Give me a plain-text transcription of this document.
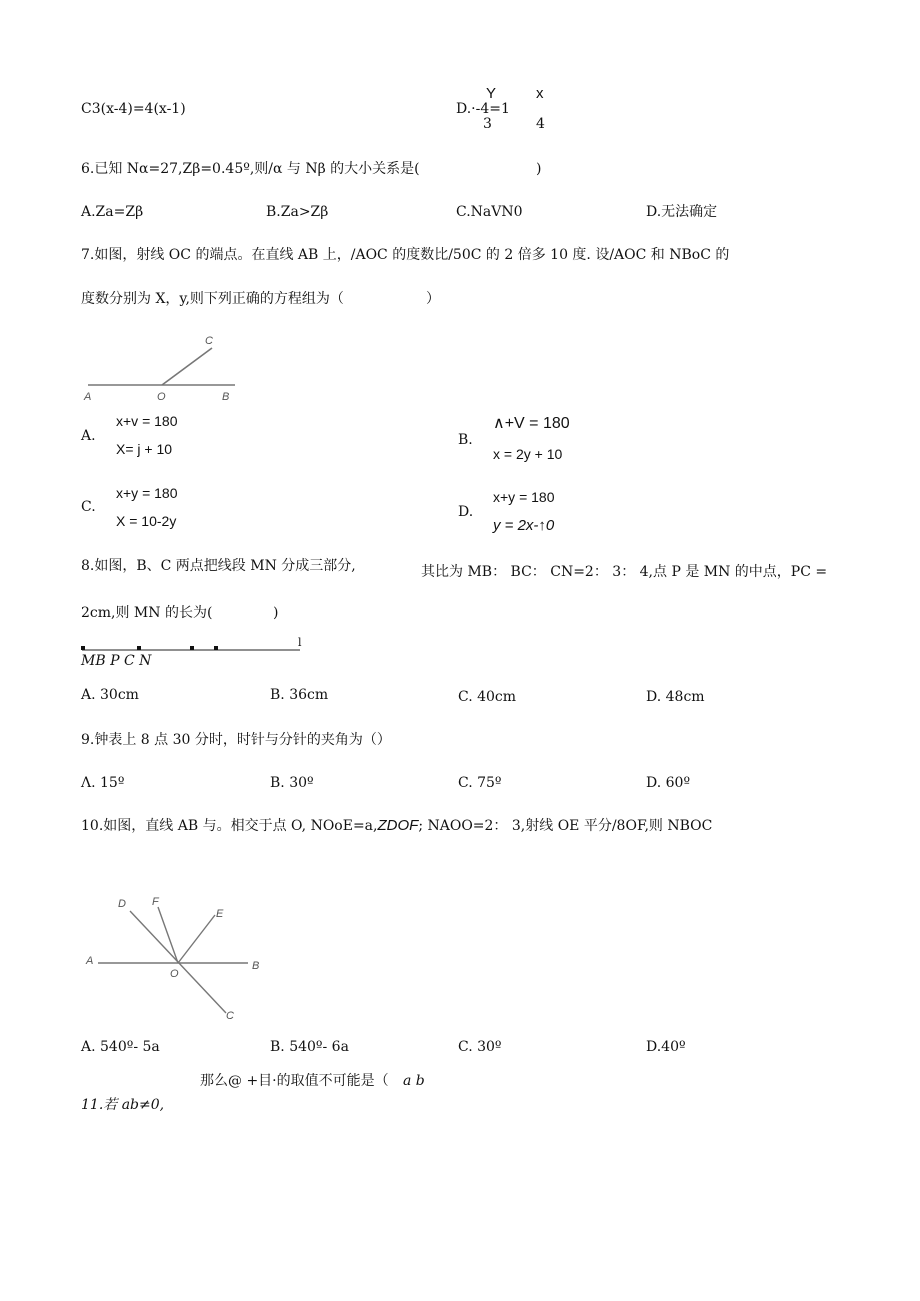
C3(x-4)=4(x-1)
Y	x
D.·-4=1
3	4
6.已知 Nα=27,Zβ=0.45º,则/α 与 Nβ 的大小关系是(	)
A.Za=Zβ	B.Za>Zβ	C.NaVN0	D.无法确定
7.如图，射线 OC 的端点。在直线 AB 上，/AOC 的度数比/50C 的 2 倍多 10 度. 设/AOC 和 NBoC 的
度数分别为 X，y,则下列正确的方程组为（	）
A	O	B
C
A.
x+v = 180
X= j + 10
B.
∧+V = 180
x = 2y + 10
C.
x+y = 180
X = 10-2y
D.
x+y = 180
y = 2x-↑0
8.如图，B、C 两点把线段 MN 分成三部分,	其比为 MB： BC： CN=2： 3： 4,点 P 是 MN 的中点，PC =
2cm,则 MN 的长为(	)
l
MB P C N
A. 30cm	B. 36cm	C. 40cm	D. 48cm
9.钟表上 8 点 30 分时，时针与分针的夹角为（）
Λ. 15º	B. 30º	C. 75º	D. 60º
10.如图，直线 AB 与。相交于点 O, NOoE=a,ZDOF; NAOO=2： 3,射线 OE 平分/8OF,则 NBOC
D F
E
A
O
B
C
A. 540º- 5a	B. 540º- 6a	C. 30º	D.40º
那么@ +目·的取值不可能是（ a b
11.若 ab≠0,
